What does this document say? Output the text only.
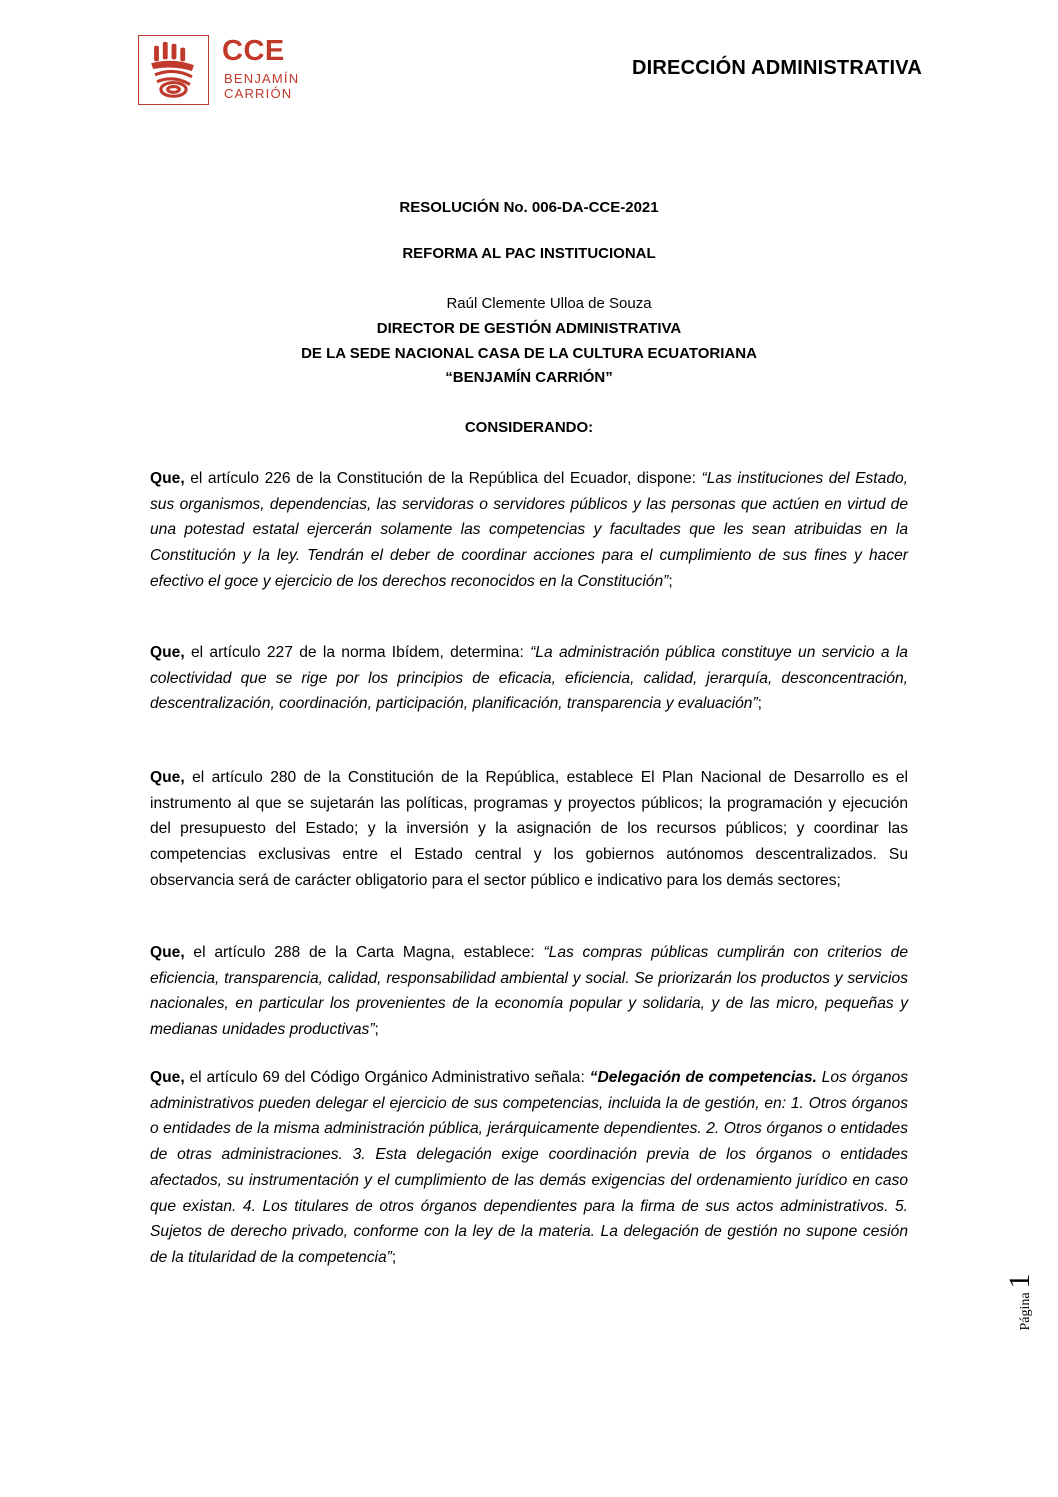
CCE
BENJAMÍN
CARRIÓN
DIRECCIÓN ADMINISTRATIVA
RESOLUCIÓN No. 006-DA-CCE-2021
REFORMA AL PAC INSTITUCIONAL
Raúl Clemente Ulloa de Souza
DIRECTOR DE GESTIÓN ADMINISTRATIVA
DE LA SEDE NACIONAL CASA DE LA CULTURA ECUATORIANA
“BENJAMÍN CARRIÓN”
CONSIDERANDO:
Que, el artículo 226 de la Constitución de la República del Ecuador, dispone: “Las instituciones del Estado, sus organismos, dependencias, las servidoras o servidores públicos y las personas que actúen en virtud de una potestad estatal ejercerán solamente las competencias y facultades que les sean atribuidas en la Constitución y la ley. Tendrán el deber de coordinar acciones para el cumplimiento de sus fines y hacer efectivo el goce y ejercicio de los derechos reconocidos en la Constitución”;
Que, el artículo 227 de la norma Ibídem, determina: “La administración pública constituye un servicio a la colectividad que se rige por los principios de eficacia, eficiencia, calidad, jerarquía, desconcentración, descentralización, coordinación, participación, planificación, transparencia y evaluación”;
Que, el artículo 280 de la Constitución de la República, establece El Plan Nacional de Desarrollo es el instrumento al que se sujetarán las políticas, programas y proyectos públicos; la programación y ejecución del presupuesto del Estado; y la inversión y la asignación de los recursos públicos; y coordinar las competencias exclusivas entre el Estado central y los gobiernos autónomos descentralizados. Su observancia será de carácter obligatorio para el sector público e indicativo para los demás sectores;
Que, el artículo 288 de la Carta Magna, establece: “Las compras públicas cumplirán con criterios de eficiencia, transparencia, calidad, responsabilidad ambiental y social. Se priorizarán los productos y servicios nacionales, en particular los provenientes de la economía popular y solidaria, y de las micro, pequeñas y medianas unidades productivas”;
Que, el artículo 69 del Código Orgánico Administrativo señala: “Delegación de competencias. Los órganos administrativos pueden delegar el ejercicio de sus competencias, incluida la de gestión, en: 1. Otros órganos o entidades de la misma administración pública, jerárquicamente dependientes. 2. Otros órganos o entidades de otras administraciones. 3. Esta delegación exige coordinación previa de los órganos o entidades afectados, su instrumentación y el cumplimiento de las demás exigencias del ordenamiento jurídico en caso que existan. 4. Los titulares de otros órganos dependientes para la firma de sus actos administrativos. 5. Sujetos de derecho privado, conforme con la ley de la materia. La delegación de gestión no supone cesión de la titularidad de la competencia”;
Página 1
